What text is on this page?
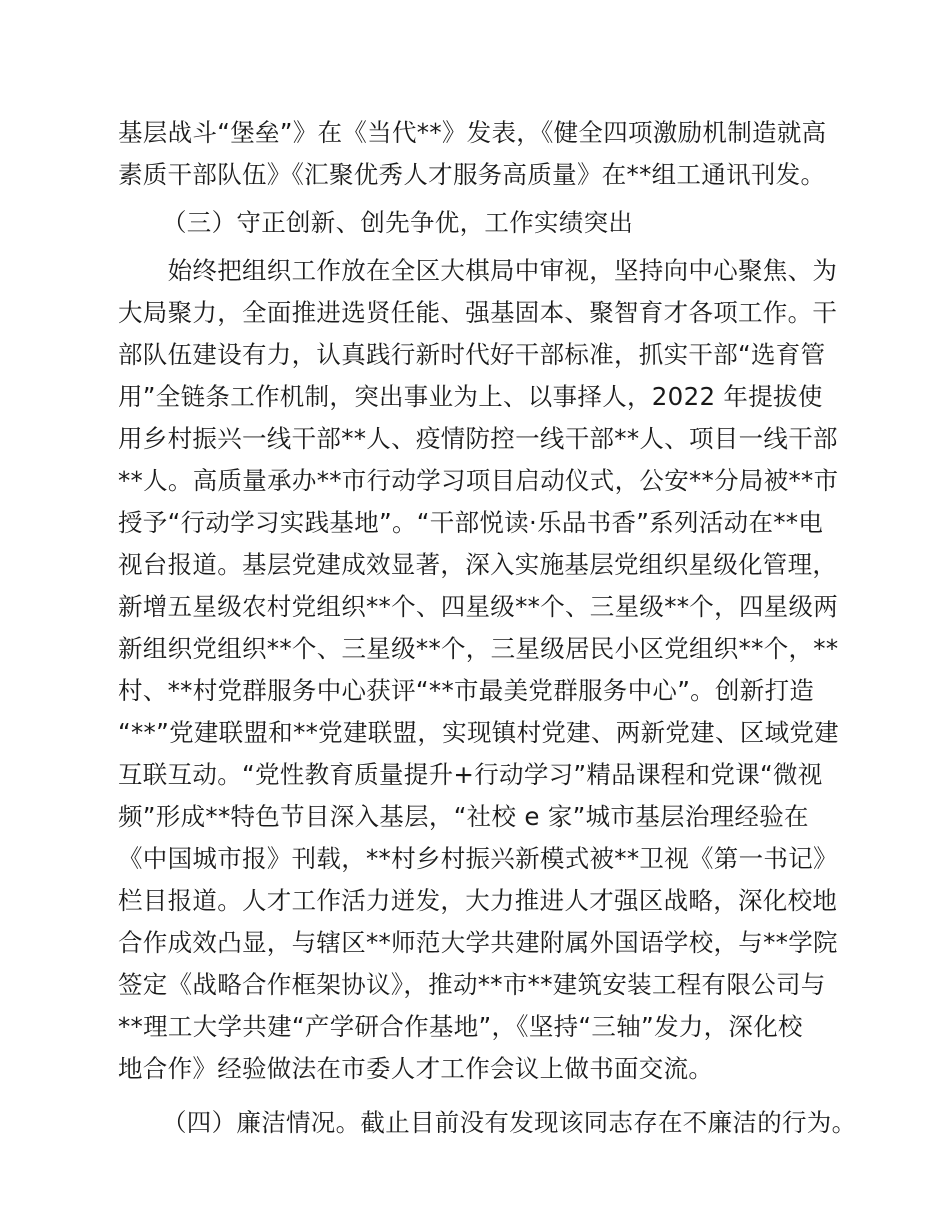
基层战斗“堡垒”》在《当代**》发表，《健全四项激励机制造就高
素质干部队伍》《汇聚优秀人才服务高质量》在**组工通讯刊发。
（三）守正创新、创先争优，工作实绩突出
　　始终把组织工作放在全区大棋局中审视，坚持向中心聚焦、为
大局聚力，全面推进选贤任能、强基固本、聚智育才各项工作。干
部队伍建设有力，认真践行新时代好干部标准，抓实干部“选育管
用”全链条工作机制，突出事业为上、以事择人，2022 年提拔使
用乡村振兴一线干部**人、疫情防控一线干部**人、项目一线干部
**人。高质量承办**市行动学习项目启动仪式，公安**分局被**市
授予“行动学习实践基地”。“干部悦读·乐品书香”系列活动在**电
视台报道。基层党建成效显著，深入实施基层党组织星级化管理，
新增五星级农村党组织**个、四星级**个、三星级**个，四星级两
新组织党组织**个、三星级**个，三星级居民小区党组织**个，**
村、**村党群服务中心获评“**市最美党群服务中心”。创新打造
“**”党建联盟和**党建联盟，实现镇村党建、两新党建、区域党建
互联互动。“党性教育质量提升+行动学习”精品课程和党课“微视
频”形成**特色节目深入基层，“社校 e 家”城市基层治理经验在
《中国城市报》刊载，**村乡村振兴新模式被**卫视《第一书记》
栏目报道。人才工作活力迸发，大力推进人才强区战略，深化校地
合作成效凸显，与辖区**师范大学共建附属外国语学校，与**学院
签定《战略合作框架协议》，推动**市**建筑安装工程有限公司与
**理工大学共建“产学研合作基地”，《坚持“三轴”发力，深化校
地合作》经验做法在市委人才工作会议上做书面交流。
（四）廉洁情况。截止目前没有发现该同志存在不廉洁的行为。
